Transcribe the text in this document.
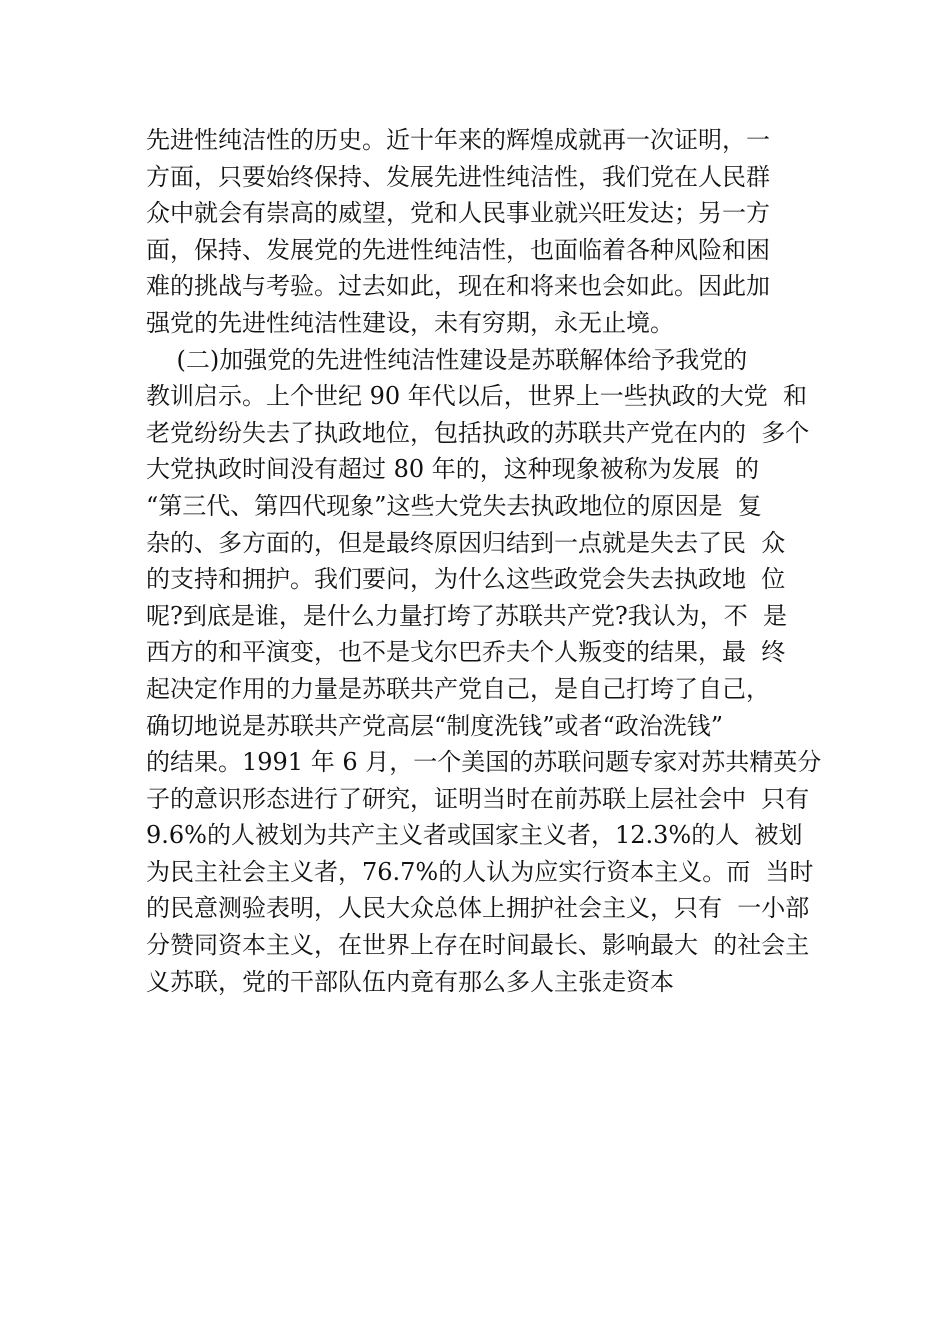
先进性纯洁性的历史。近十年来的辉煌成就再一次证明，一

方面，只要始终保持、发展先进性纯洁性，我们党在人民群

众中就会有崇高的威望，党和人民事业就兴旺发达；另一方

面，保持、发展党的先进性纯洁性，也面临着各种风险和困

难的挑战与考验。过去如此，现在和将来也会如此。因此加

强党的先进性纯洁性建设，未有穷期，永无止境。

(二)加强党的先进性纯洁性建设是苏联解体给予我党的

教训启示。上个世纪 90 年代以后，世界上一些执政的大党  和

老党纷纷失去了执政地位，包括执政的苏联共产党在内的  多个

大党执政时间没有超过 80 年的，这种现象被称为发展  的

“第三代、第四代现象”这些大党失去执政地位的原因是  复

杂的、多方面的，但是最终原因归结到一点就是失去了民  众

的支持和拥护。我们要问，为什么这些政党会失去执政地  位

呢?到底是谁，是什么力量打垮了苏联共产党?我认为，不  是

西方的和平演变，也不是戈尔巴乔夫个人叛变的结果，最  终

起决定作用的力量是苏联共产党自己，是自己打垮了自己，

确切地说是苏联共产党高层“制度洗钱”或者“政治洗钱”

的结果。1991 年 6 月，一个美国的苏联问题专家对苏共精英分

子的意识形态进行了研究，证明当时在前苏联上层社会中  只有

9.6%的人被划为共产主义者或国家主义者，12.3%的人  被划

为民主社会主义者，76.7%的人认为应实行资本主义。而  当时

的民意测验表明，人民大众总体上拥护社会主义，只有  一小部

分赞同资本主义，在世界上存在时间最长、影响最大  的社会主

义苏联，党的干部队伍内竟有那么多人主张走资本
